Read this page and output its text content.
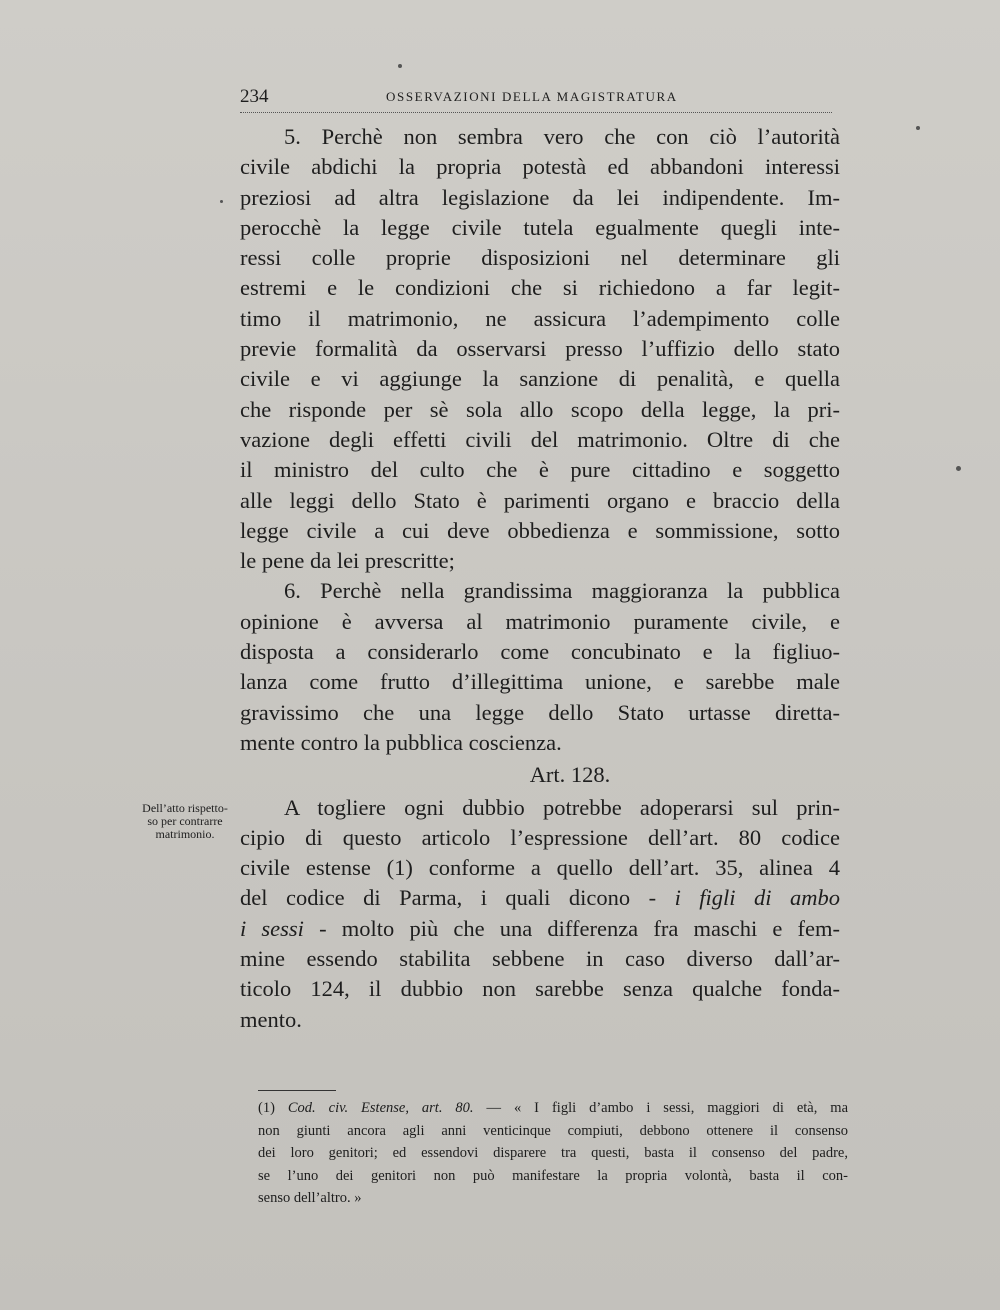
234	OSSERVAZIONI DELLA MAGISTRATURA
Dell’atto rispetto-
so per contrarre
matrimonio.
5. Perchè non sembra vero che con ciò l’autorità
civile abdichi la propria potestà ed abbandoni interessi
preziosi ad altra legislazione da lei indipendente. Im-
perocchè la legge civile tutela egualmente quegli inte-
ressi colle proprie disposizioni nel determinare gli
estremi e le condizioni che si richiedono a far legit-
timo il matrimonio, ne assicura l’adempimento colle
previe formalità da osservarsi presso l’uffizio dello stato
civile e vi aggiunge la sanzione di penalità, e quella
che risponde per sè sola allo scopo della legge, la pri-
vazione degli effetti civili del matrimonio. Oltre di che
il ministro del culto che è pure cittadino e soggetto
alle leggi dello Stato è parimenti organo e braccio della
legge civile a cui deve obbedienza e sommissione, sotto
le pene da lei prescritte;
6. Perchè nella grandissima maggioranza la pubblica
opinione è avversa al matrimonio puramente civile, e
disposta a considerarlo come concubinato e la figliuo-
lanza come frutto d’illegittima unione, e sarebbe male
gravissimo che una legge dello Stato urtasse diretta-
mente contro la pubblica coscienza.
Art. 128.
A togliere ogni dubbio potrebbe adoperarsi sul prin-
cipio di questo articolo l’espressione dell’art. 80 codice
civile estense (1) conforme a quello dell’art. 35, alinea 4
del codice di Parma, i quali dicono - i figli di ambo
i sessi - molto più che una differenza fra maschi e fem-
mine essendo stabilita sebbene in caso diverso dall’ar-
ticolo 124, il dubbio non sarebbe senza qualche fonda-
mento.
(1) Cod. civ. Estense, art. 80. — « I figli d’ambo i sessi, maggiori di età, ma
non giunti ancora agli anni venticinque compiuti, debbono ottenere il consenso
dei loro genitori; ed essendovi disparere tra questi, basta il consenso del padre,
se l’uno dei genitori non può manifestare la propria volontà, basta il con-
senso dell’altro. »
